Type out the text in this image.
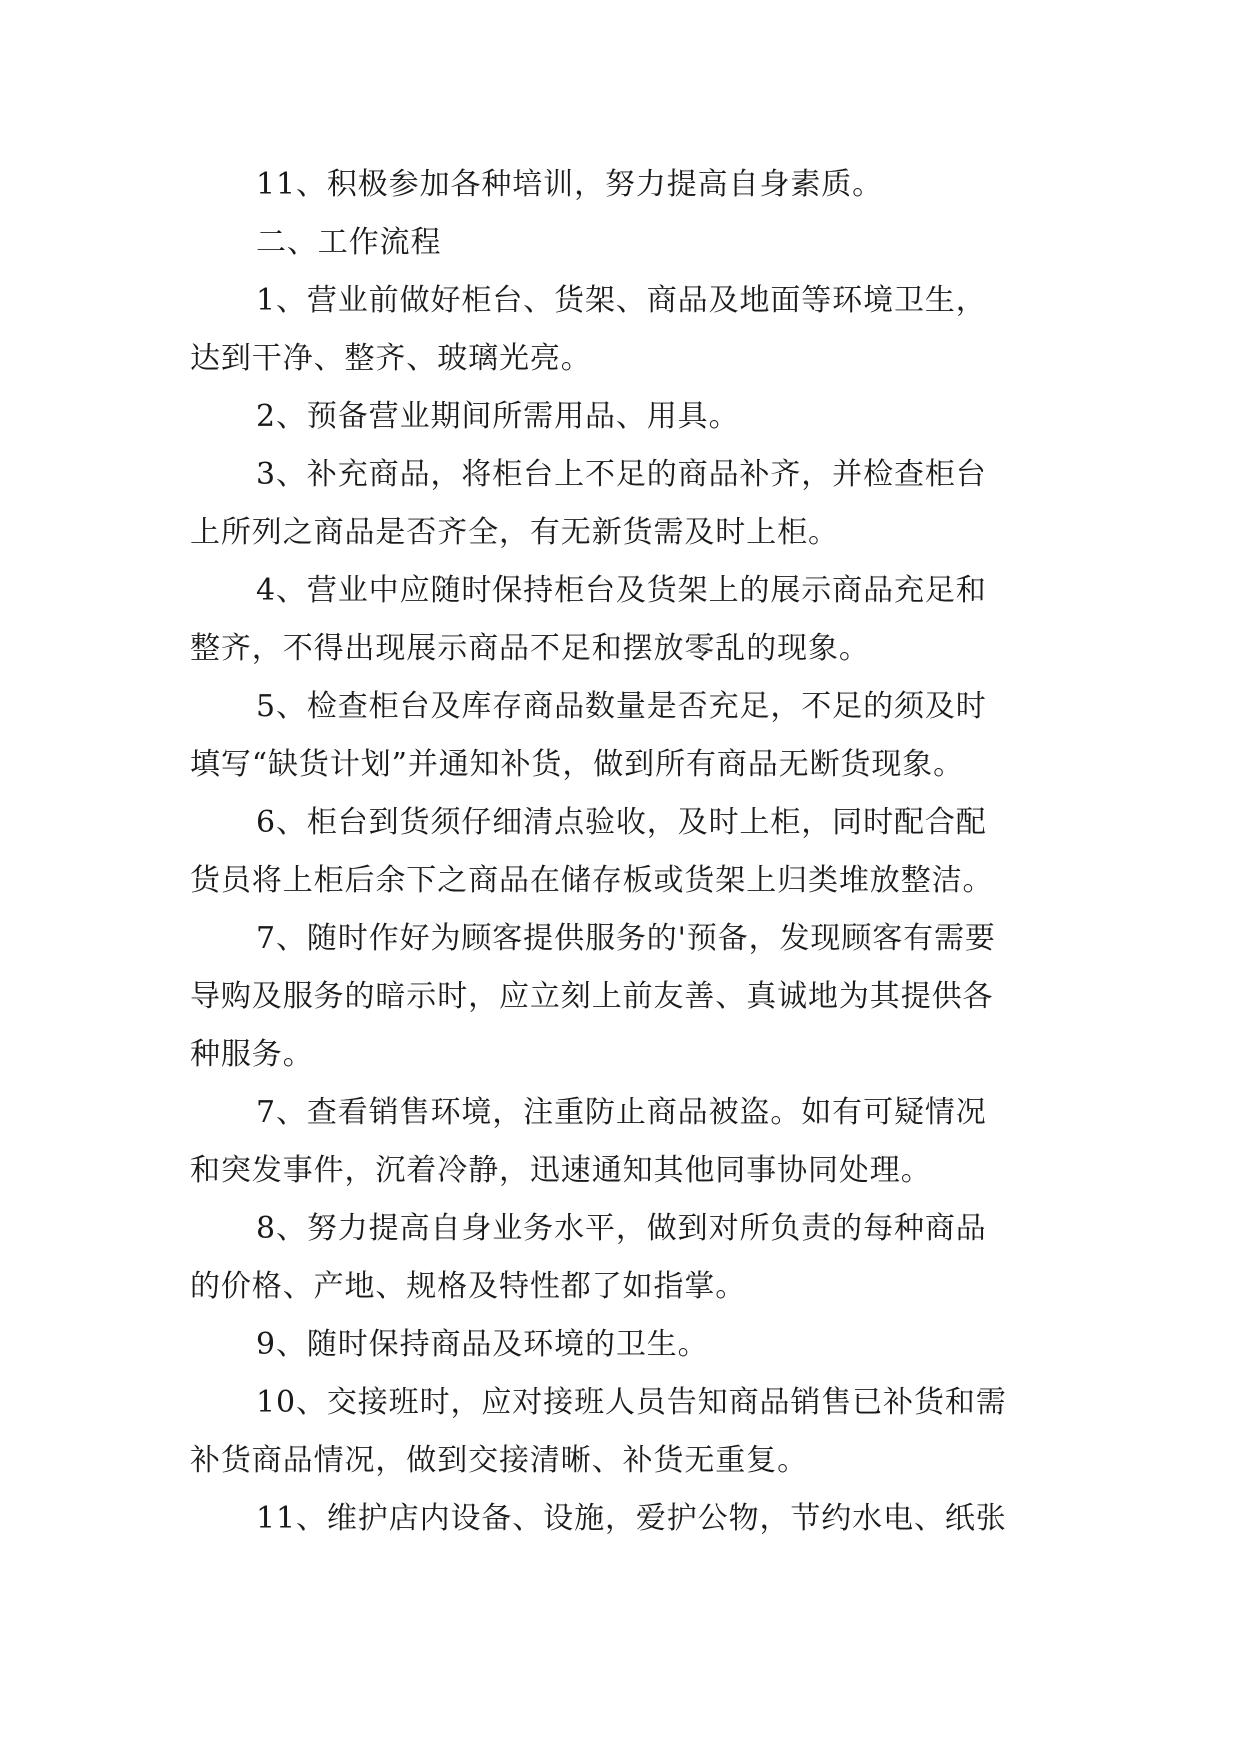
11、积极参加各种培训，努力提高自身素质。

二、工作流程

1、营业前做好柜台、货架、商品及地面等环境卫生，

达到干净、整齐、玻璃光亮。

2、预备营业期间所需用品、用具。

3、补充商品，将柜台上不足的商品补齐，并检查柜台

上所列之商品是否齐全，有无新货需及时上柜。

4、营业中应随时保持柜台及货架上的展示商品充足和

整齐，不得出现展示商品不足和摆放零乱的现象。

5、检查柜台及库存商品数量是否充足，不足的须及时

填写“缺货计划”并通知补货，做到所有商品无断货现象。

6、柜台到货须仔细清点验收，及时上柜，同时配合配

货员将上柜后余下之商品在储存板或货架上归类堆放整洁。

7、随时作好为顾客提供服务的'预备，发现顾客有需要

导购及服务的暗示时，应立刻上前友善、真诚地为其提供各

种服务。

7、查看销售环境，注重防止商品被盗。如有可疑情况

和突发事件，沉着冷静，迅速通知其他同事协同处理。

8、努力提高自身业务水平，做到对所负责的每种商品

的价格、产地、规格及特性都了如指掌。

9、随时保持商品及环境的卫生。

10、交接班时，应对接班人员告知商品销售已补货和需

补货商品情况，做到交接清晰、补货无重复。

11、维护店内设备、设施，爱护公物，节约水电、纸张
